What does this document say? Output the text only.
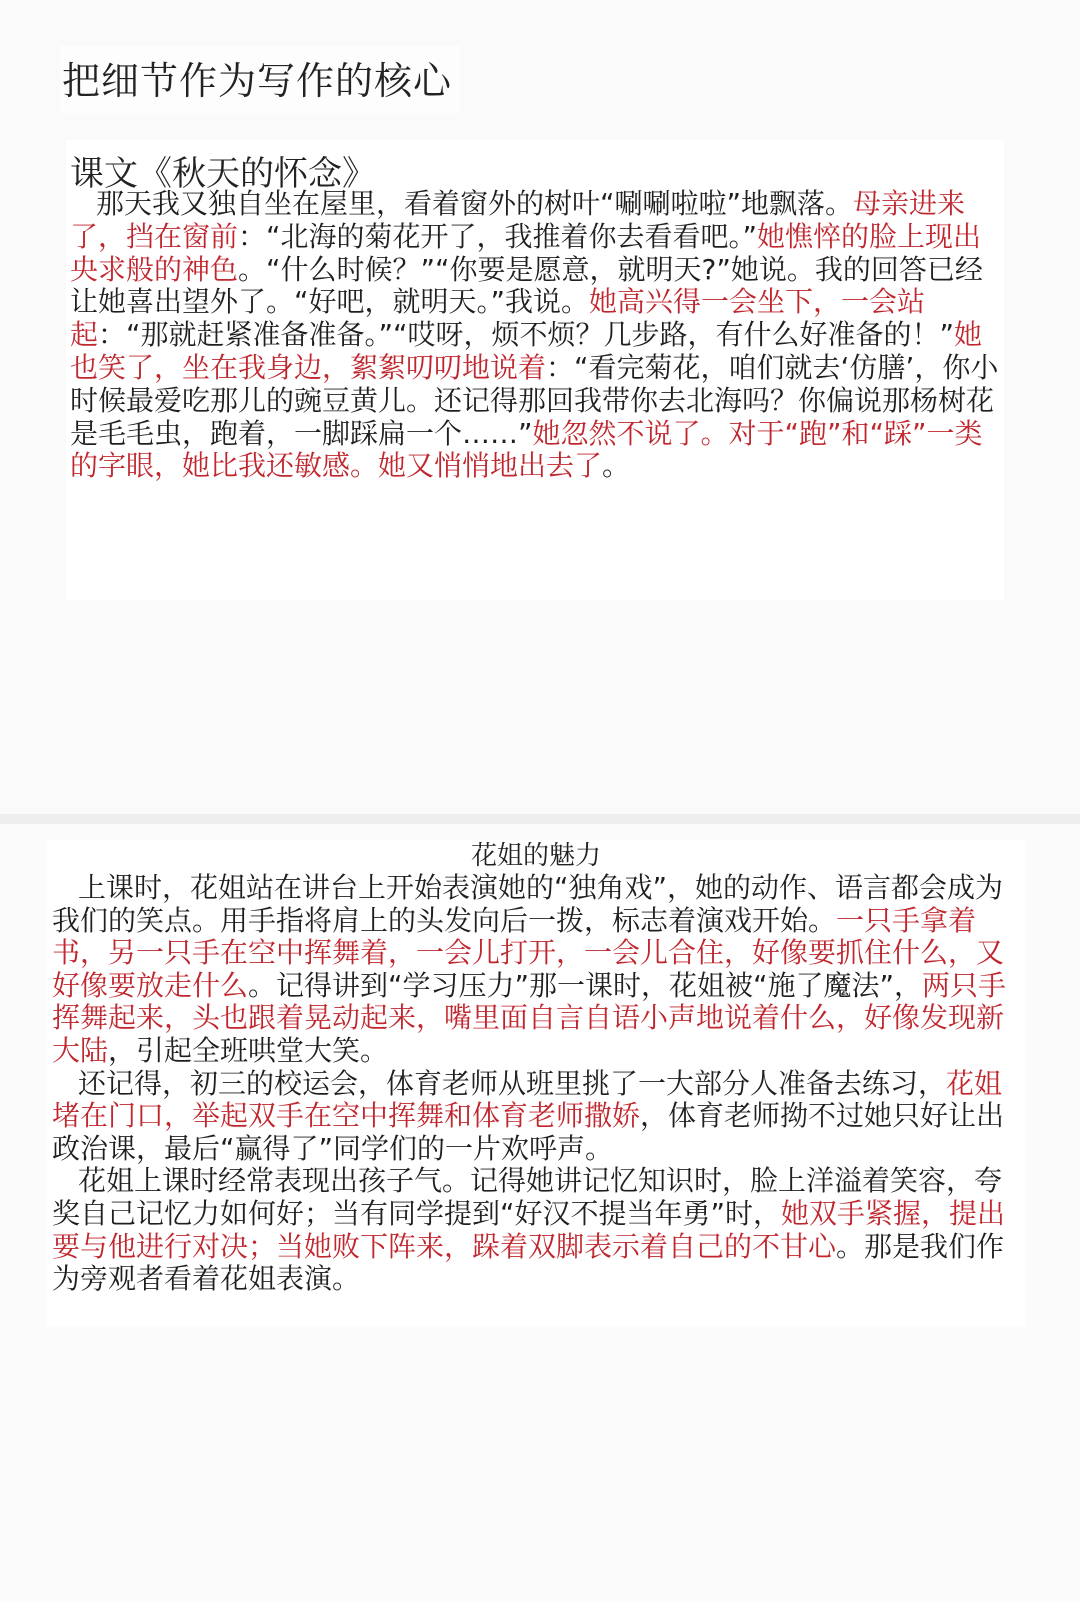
把细节作为写作的核心
课文《秋天的怀念》

那天我又独自坐在屋里，看着窗外的树叶“唰唰啦啦”地飘落。母亲进来了，挡在窗前：“北海的菊花开了，我推着你去看看吧。”她憔悴的脸上现出央求般的神色。“什么时候？”“你要是愿意，就明天?”她说。我的回答已经让她喜出望外了。“好吧，就明天。”我说。她高兴得一会坐下，一会站起：“那就赶紧准备准备。”“哎呀，烦不烦？几步路，有什么好准备的！”她也笑了，坐在我身边，絮絮叨叨地说着：“看完菊花，咱们就去‘仿膳’，你小时候最爱吃那儿的豌豆黄儿。还记得那回我带你去北海吗？你偏说那杨树花是毛毛虫，跑着，一脚踩扁一个……”她忽然不说了。对于“跑”和“踩”一类的字眼，她比我还敏感。她又悄悄地出去了。

花姐的魅力

上课时，花姐站在讲台上开始表演她的“独角戏”，她的动作、语言都会成为我们的笑点。用手指将肩上的头发向后一拨，标志着演戏开始。一只手拿着书，另一只手在空中挥舞着，一会儿打开，一会儿合住，好像要抓住什么，又好像要放走什么。记得讲到“学习压力”那一课时，花姐被“施了魔法”，两只手挥舞起来，头也跟着晃动起来，嘴里面自言自语小声地说着什么，好像发现新大陆，引起全班哄堂大笑。

还记得，初三的校运会，体育老师从班里挑了一大部分人准备去练习，花姐堵在门口，举起双手在空中挥舞和体育老师撒娇，体育老师拗不过她只好让出政治课，最后“赢得了”同学们的一片欢呼声。

花姐上课时经常表现出孩子气。记得她讲记忆知识时，脸上洋溢着笑容，夸奖自己记忆力如何好；当有同学提到“好汉不提当年勇”时，她双手紧握，提出要与他进行对决；当她败下阵来，跺着双脚表示着自己的不甘心。那是我们作为旁观者看着花姐表演。
